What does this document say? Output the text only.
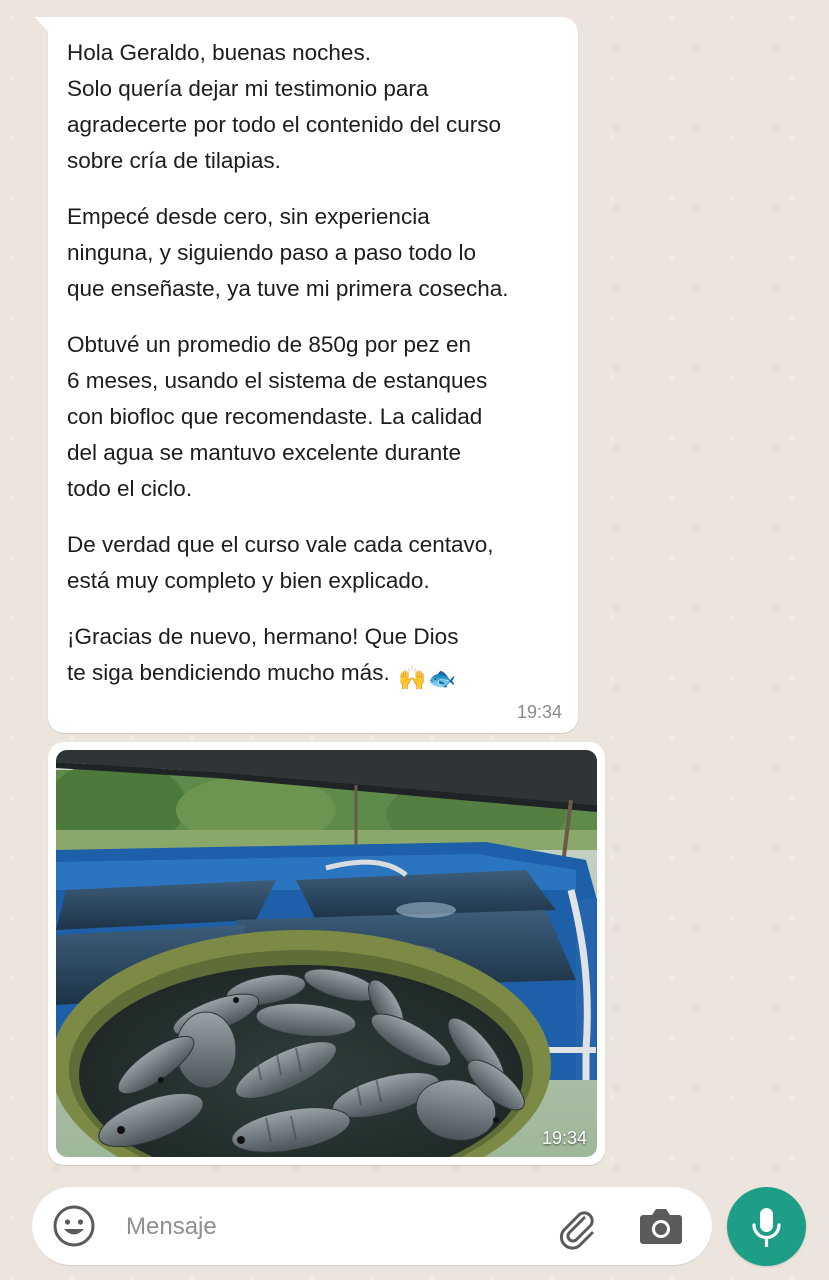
Hola Geraldo, buenas noches.
Solo quería dejar mi testimonio para
agradecerte por todo el contenido del curso
sobre cría de tilapias.

Empecé desde cero, sin experiencia
ninguna, y siguiendo paso a paso todo lo
que enseñaste, ya tuve mi primera cosecha.

Obtuvé un promedio de 850g por pez en
6 meses, usando el sistema de estanques
con biofloc que recomendaste. La calidad
del agua se mantuvo excelente durante
todo el ciclo.

De verdad que el curso vale cada centavo,
está muy completo y bien explicado.

¡Gracias de nuevo, hermano! Que Dios
te siga bendiciendo mucho más. 🙌🐟

19:34
19:34
Mensaje
